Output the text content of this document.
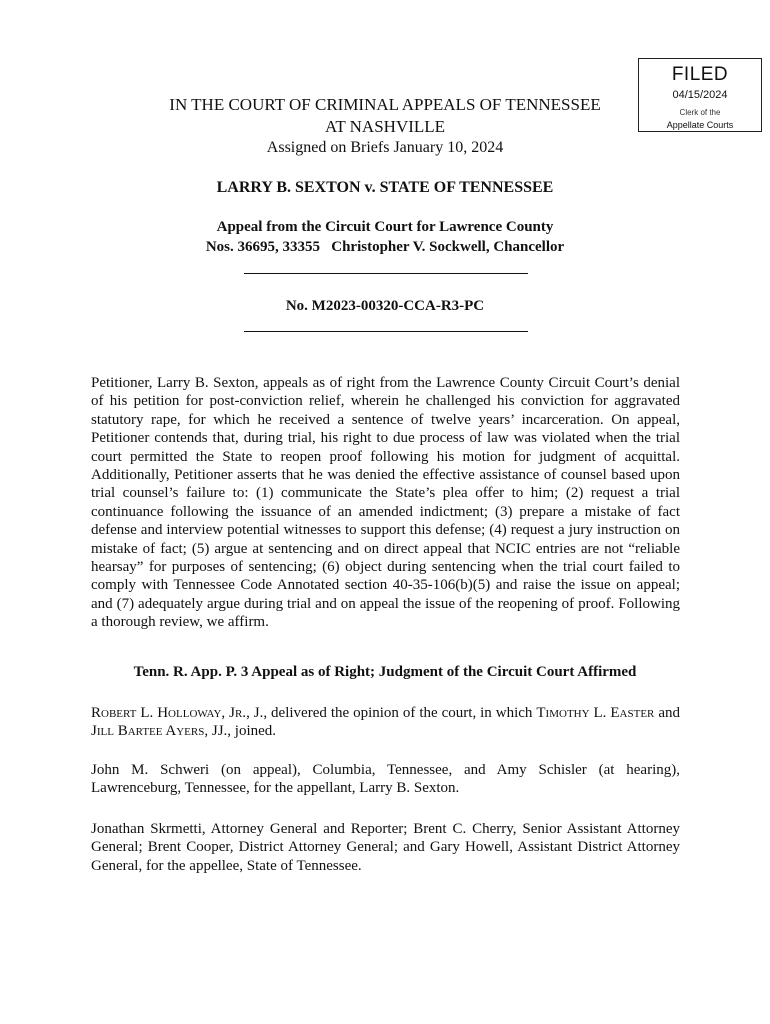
FILED
04/15/2024
Clerk of the
Appellate Courts
IN THE COURT OF CRIMINAL APPEALS OF TENNESSEE
AT NASHVILLE
Assigned on Briefs January 10, 2024
LARRY B. SEXTON v. STATE OF TENNESSEE
Appeal from the Circuit Court for Lawrence County
Nos. 36695, 33355   Christopher V. Sockwell, Chancellor
No. M2023-00320-CCA-R3-PC
Petitioner, Larry B. Sexton, appeals as of right from the Lawrence County Circuit Court’s denial of his petition for post-conviction relief, wherein he challenged his conviction for aggravated statutory rape, for which he received a sentence of twelve years’ incarceration. On appeal, Petitioner contends that, during trial, his right to due process of law was violated when the trial court permitted the State to reopen proof following his motion for judgment of acquittal. Additionally, Petitioner asserts that he was denied the effective assistance of counsel based upon trial counsel’s failure to: (1) communicate the State’s plea offer to him; (2) request a trial continuance following the issuance of an amended indictment; (3) prepare a mistake of fact defense and interview potential witnesses to support this defense; (4) request a jury instruction on mistake of fact; (5) argue at sentencing and on direct appeal that NCIC entries are not “reliable hearsay” for purposes of sentencing; (6) object during sentencing when the trial court failed to comply with Tennessee Code Annotated section 40-35-106(b)(5) and raise the issue on appeal; and (7) adequately argue during trial and on appeal the issue of the reopening of proof. Following a thorough review, we affirm.
Tenn. R. App. P. 3 Appeal as of Right; Judgment of the Circuit Court Affirmed
Robert L. Holloway, Jr., J., delivered the opinion of the court, in which Timothy L. Easter and Jill Bartee Ayers, JJ., joined.
John M. Schweri (on appeal), Columbia, Tennessee, and Amy Schisler (at hearing), Lawrenceburg, Tennessee, for the appellant, Larry B. Sexton.
Jonathan Skrmetti, Attorney General and Reporter; Brent C. Cherry, Senior Assistant Attorney General; Brent Cooper, District Attorney General; and Gary Howell, Assistant District Attorney General, for the appellee, State of Tennessee.
